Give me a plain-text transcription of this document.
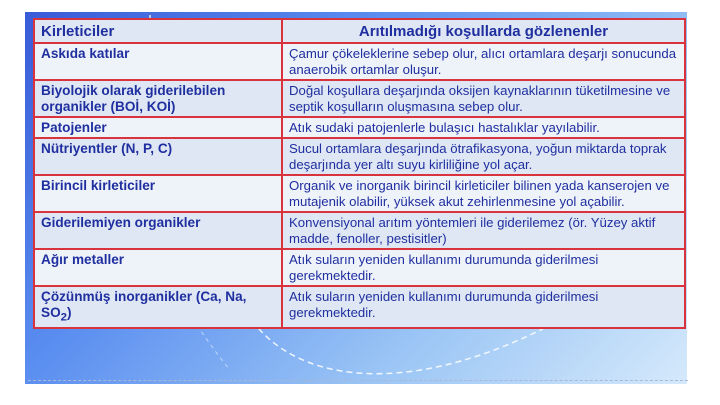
Kirleticiler	Arıtılmadığı koşullarda gözlenenler
Askıda katılar	Çamur çökeleklerine sebep olur, alıcı ortamlara deşarjı sonucunda anaerobik ortamlar oluşur.
Biyolojik olarak giderilebilen organikler (BOİ, KOİ)	Doğal koşullara deşarjında oksijen kaynaklarının tüketilmesine ve septik koşulların oluşmasına sebep olur.
Patojenler	Atık sudaki patojenlerle bulaşıcı hastalıklar yayılabilir.
Nütriyentler (N, P, C)	Sucul ortamlara deşarjında ötrafikasyona, yoğun miktarda toprak deşarjında yer altı suyu kirliliğine yol açar.
Birincil kirleticiler	Organik ve inorganik birincil kirleticiler bilinen yada kanserojen ve mutajenik olabilir, yüksek akut zehirlenmesine yol açabilir.
Giderilemiyen organikler	Konvensiyonal arıtım yöntemleri ile giderilemez (ör. Yüzey aktif madde, fenoller, pestisitler)
Ağır metaller	Atık suların yeniden kullanımı durumunda giderilmesi gerekmektedir.
Çözünmüş inorganikler (Ca, Na, $SO_2$)	Atık suların yeniden kullanımı durumunda giderilmesi gerekmektedir.
